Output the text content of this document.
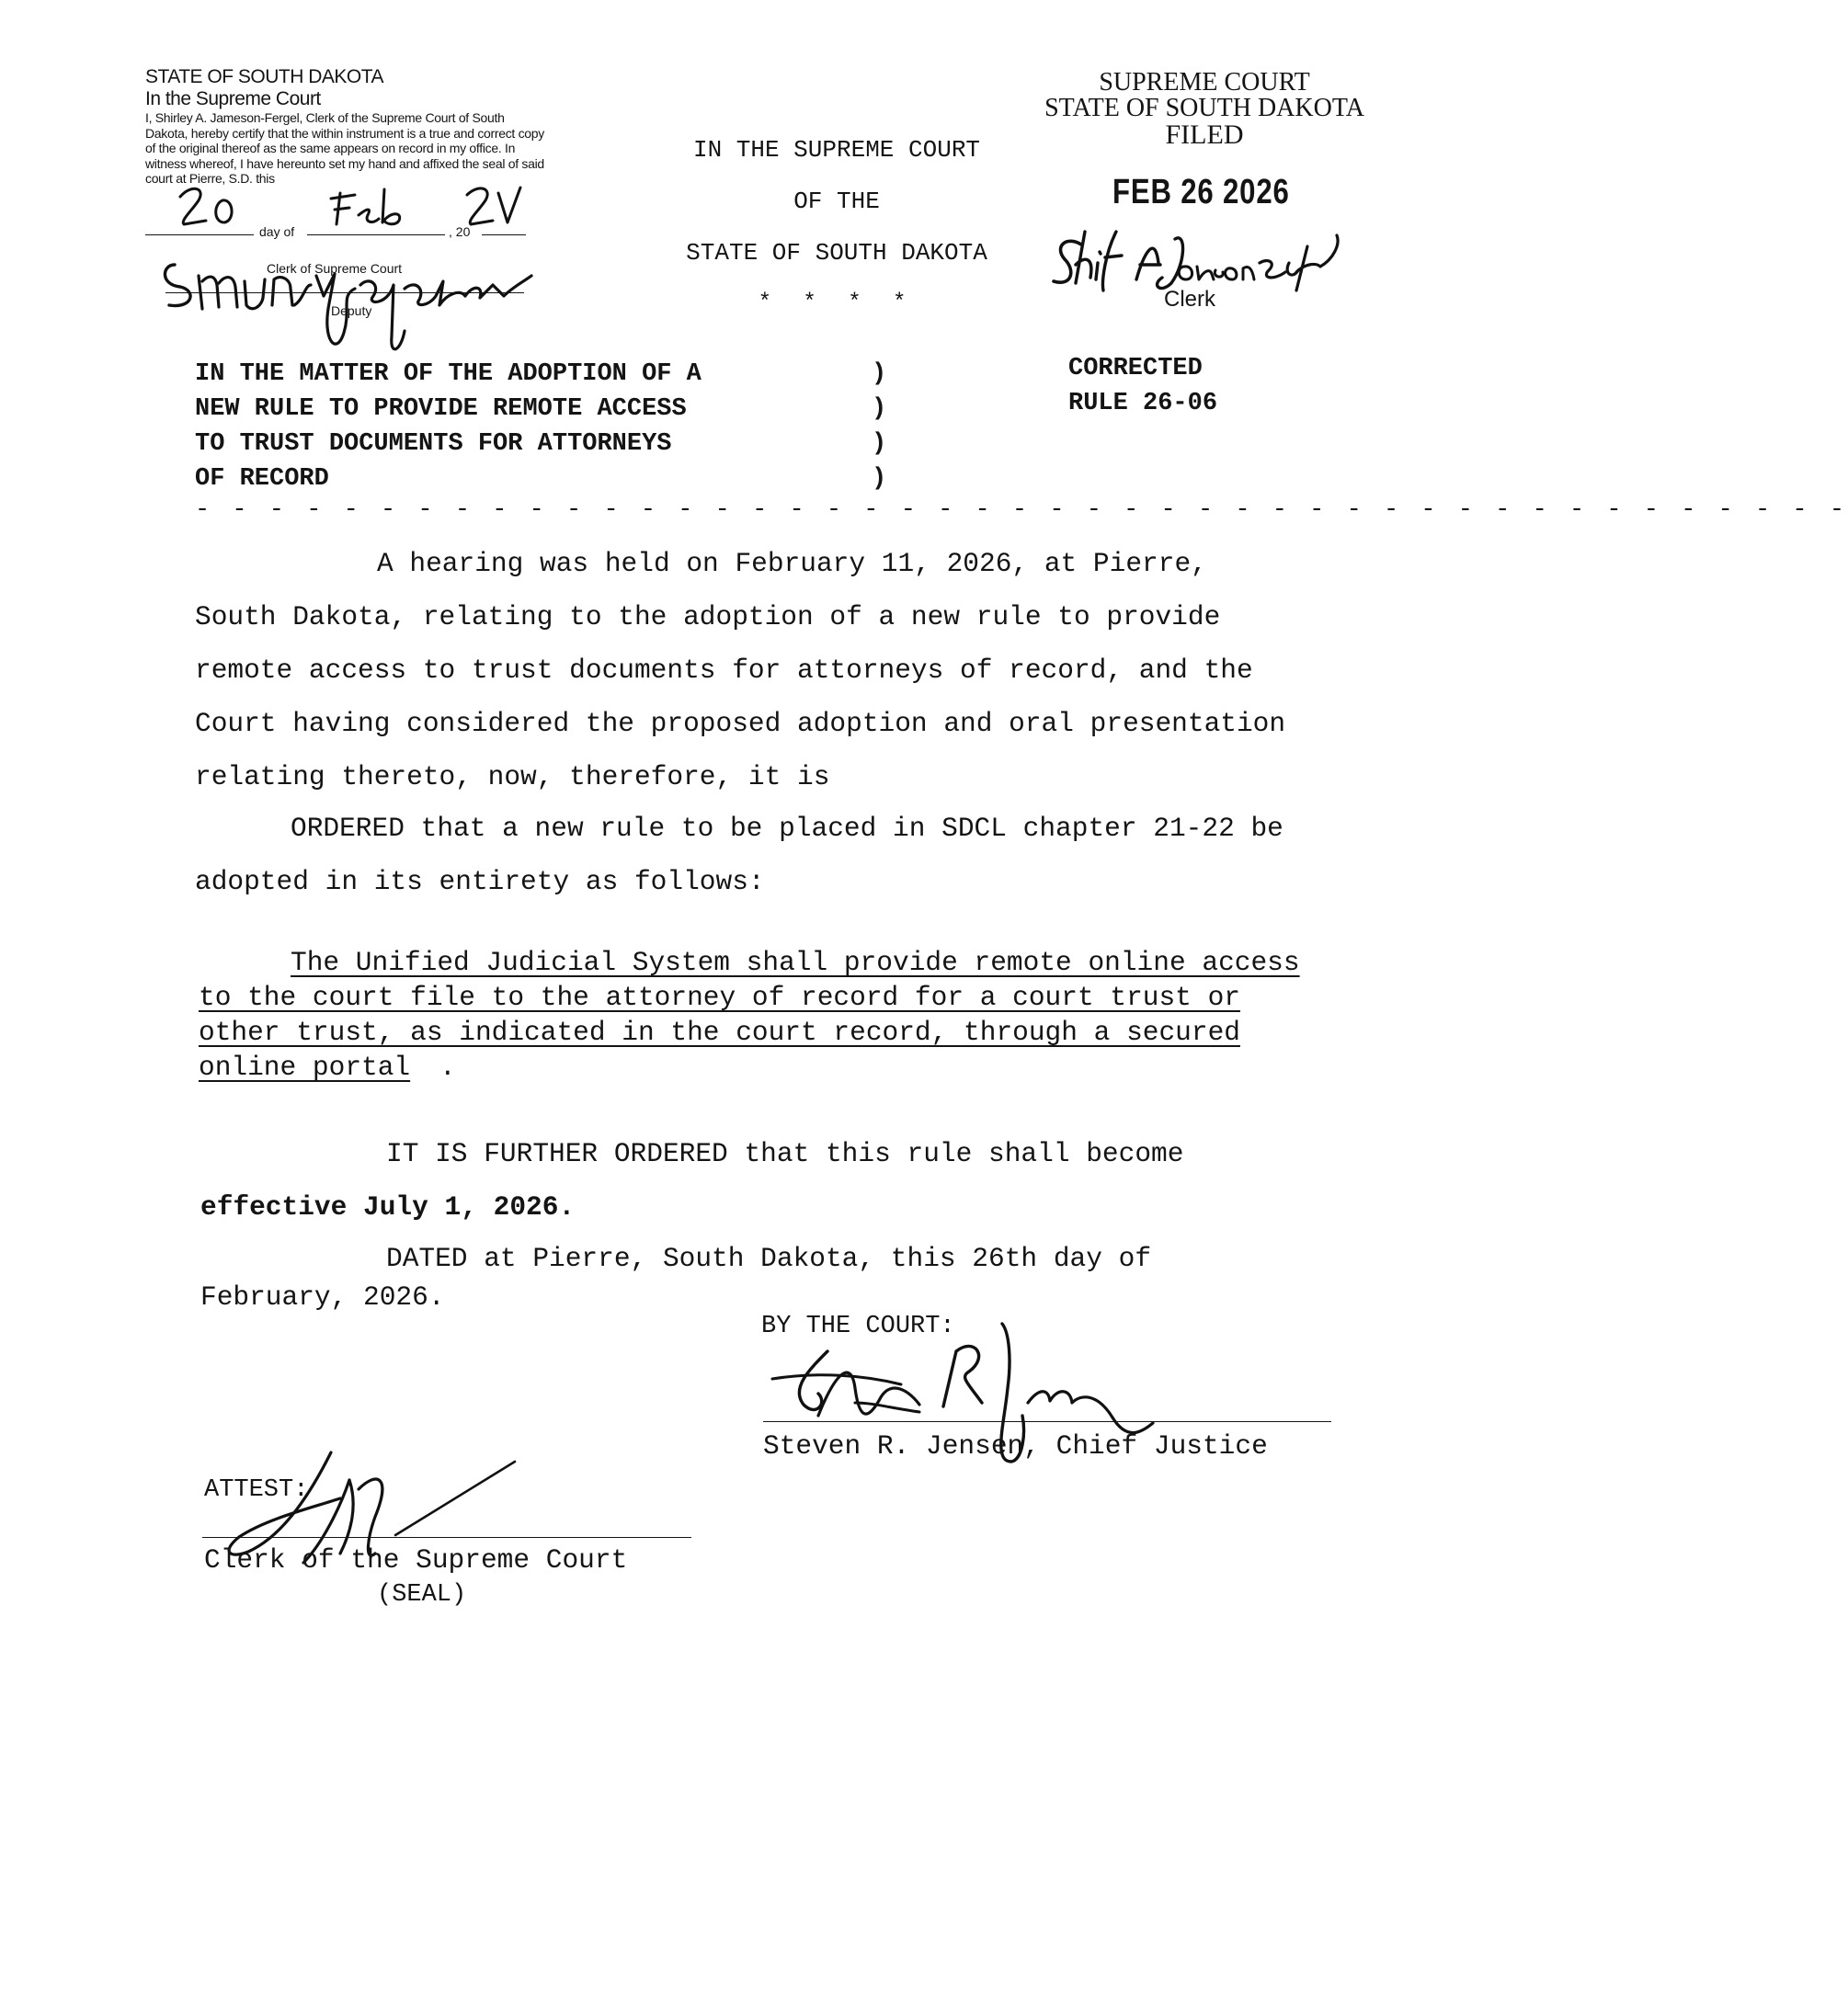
STATE OF SOUTH DAKOTA
In the Supreme Court
I, Shirley A. Jameson-Fergel, Clerk of the Supreme Court of South Dakota, hereby certify that the within instrument is a true and correct copy of the original thereof as the same appears on record in my office. In witness whereof, I have hereunto set my hand and affixed the seal of said court at Pierre, S.D. this
day of	, 20
Clerk of Supreme Court
Deputy
IN THE SUPREME COURT
OF THE
STATE OF SOUTH DAKOTA
* * * *
SUPREME COURT
STATE OF SOUTH DAKOTA
FILED
FEB 26 2026
Clerk
IN THE MATTER OF THE ADOPTION OF A
NEW RULE TO PROVIDE REMOTE ACCESS
TO TRUST DOCUMENTS FOR ATTORNEYS
OF RECORD
)
)
)
)
CORRECTED
RULE 26-06
- - - - - - - - - - - - - - - - - - - - - - - - - - - - - - - - - - - - - - - - - - - - -
A hearing was held on February 11, 2026, at Pierre,
South Dakota, relating to the adoption of a new rule to provide
remote access to trust documents for attorneys of record, and the
Court having considered the proposed adoption and oral presentation
relating thereto, now, therefore, it is
ORDERED that a new rule to be placed in SDCL chapter 21-22 be
adopted in its entirety as follows:
The Unified Judicial System shall provide remote online access
to the court file to the attorney of record for a court trust or
other trust, as indicated in the court record, through a secured
online portal .
IT IS FURTHER ORDERED that this rule shall become
effective July 1, 2026.
DATED at Pierre, South Dakota, this 26th day of
February, 2026.
BY THE COURT:
Steven R. Jensen, Chief Justice
ATTEST:
Clerk of the Supreme Court
(SEAL)
